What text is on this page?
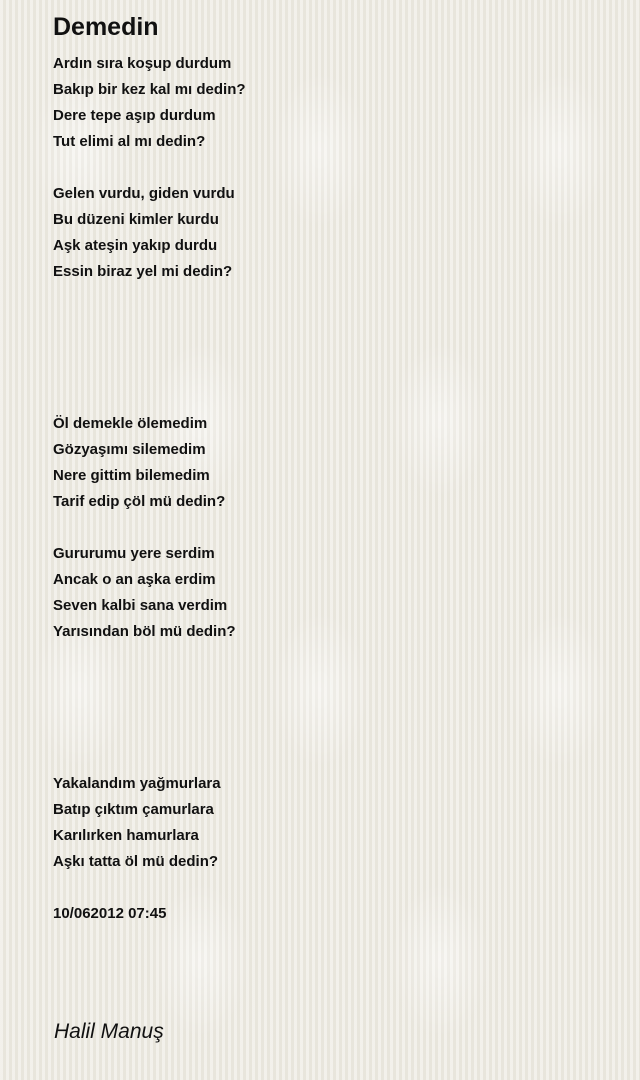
Demedin
Ardın sıra koşup durdum
Bakıp bir kez kal mı dedin?
Dere tepe aşıp durdum
Tut elimi al mı dedin?
Gelen vurdu, giden vurdu
Bu düzeni kimler kurdu
Aşk ateşin yakıp durdu
Essin biraz yel mi dedin?
Öl demekle ölemedim
Gözyaşımı silemedim
Nere gittim bilemedim
Tarif edip çöl mü dedin?
Gururumu yere serdim
Ancak o an aşka erdim
Seven kalbi sana verdim
Yarısından böl mü dedin?
Yakalandım yağmurlara
Batıp çıktım çamurlara
Karılırken hamurlara
Aşkı tatta öl mü dedin?
10/062012 07:45
Halil Manuş
